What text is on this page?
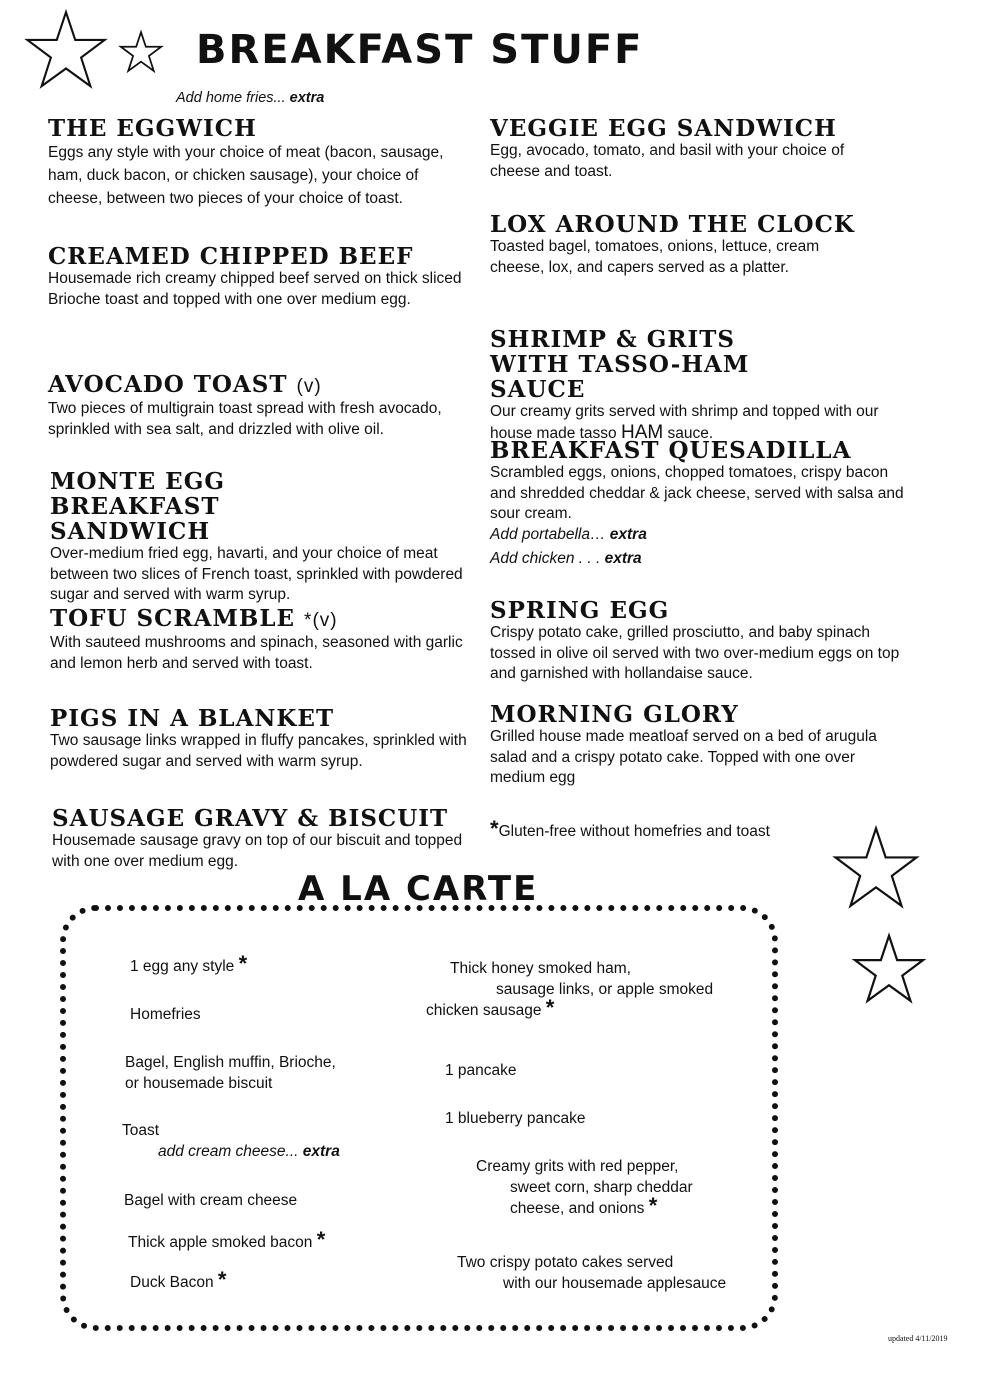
BREAKFAST STUFF
Add home fries... extra

THE EGGWICH

Eggs any style with your choice of meat (bacon, sausage, ham, duck bacon, or chicken sausage), your choice of cheese, between two pieces of your choice of toast.

CREAMED CHIPPED BEEF

Housemade rich creamy chipped beef served on thick sliced Brioche toast and topped with one over medium egg.

AVOCADO TOAST (v)

Two pieces of multigrain toast spread with fresh avocado, sprinkled with sea salt, and drizzled with olive oil.

MONTE EGG BREAKFAST SANDWICH

Over-medium fried egg, havarti, and your choice of meat between two slices of French toast, sprinkled with powdered sugar and served with warm syrup.

TOFU SCRAMBLE *(v)

With sauteed mushrooms and spinach, seasoned with garlic and lemon herb and served with toast.

PIGS IN A BLANKET

Two sausage links wrapped in fluffy pancakes, sprinkled with powdered sugar and served with warm syrup.

SAUSAGE GRAVY & BISCUIT

Housemade sausage gravy on top of our biscuit and topped with one over medium egg.

VEGGIE EGG SANDWICH

Egg, avocado, tomato, and basil with your choice of cheese and toast.

LOX AROUND THE CLOCK

Toasted bagel, tomatoes, onions, lettuce, cream cheese, lox, and capers served as a platter.

SHRIMP & GRITS WITH TASSO-HAM SAUCE

Our creamy grits served with shrimp and topped with our house made tasso HAM sauce.

BREAKFAST QUESADILLA

Scrambled eggs, onions, chopped tomatoes, crispy bacon and shredded cheddar & jack cheese, served with salsa and sour cream.

Add portabella… extra

Add chicken . . . extra

SPRING EGG

Crispy potato cake, grilled prosciutto, and baby spinach tossed in olive oil served with two over-medium eggs on top and garnished with hollandaise sauce.

MORNING GLORY

Grilled house made meatloaf served on a bed of arugula salad and a crispy potato cake. Topped with one over medium egg

*Gluten-free without homefries and toast
A LA CARTE
1 egg any style *
Homefries
Bagel, English muffin, Brioche,
or housemade biscuit
Toast
add cream cheese... extra
Bagel with cream cheese
Thick apple smoked bacon *
Duck Bacon *
Thick honey smoked ham,
sausage links, or apple smoked
chicken sausage *
1 pancake
1 blueberry pancake
Creamy grits with red pepper,
sweet corn, sharp cheddar
cheese, and onions *
Two crispy potato cakes served
with our housemade applesauce
updated 4/11/2019
